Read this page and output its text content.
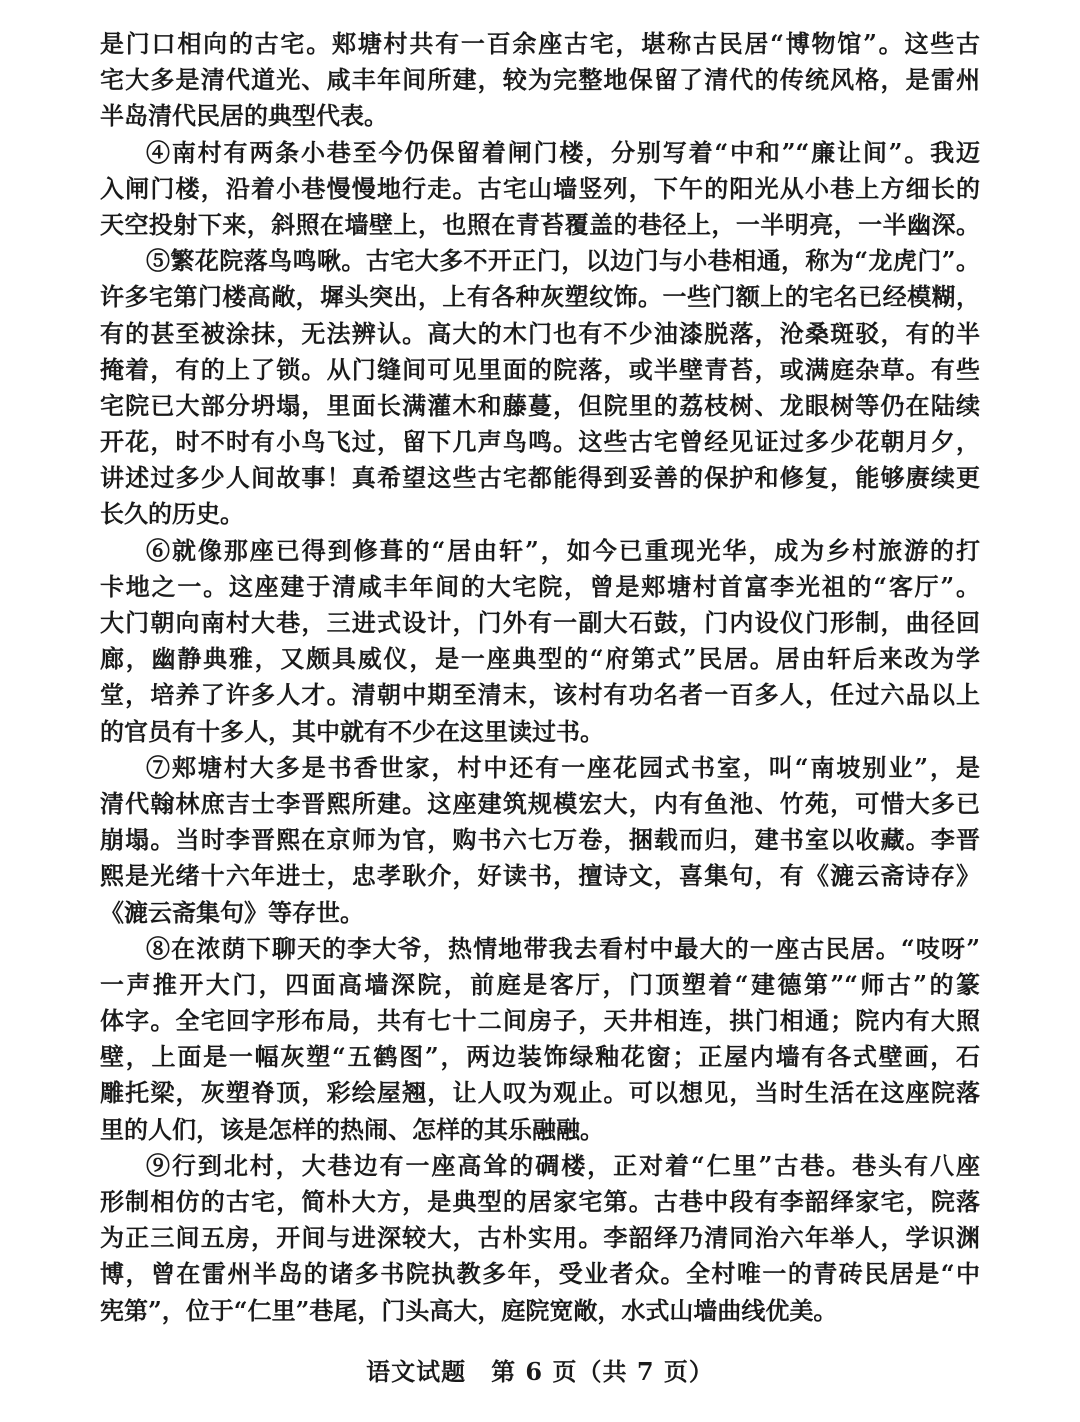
是门口相向的古宅。郏塘村共有一百余座古宅，堪称古民居“博物馆”。这些古
宅大多是清代道光、咸丰年间所建，较为完整地保留了清代的传统风格，是雷州
半岛清代民居的典型代表。
④南村有两条小巷至今仍保留着闸门楼，分别写着“中和”“廉让间”。我迈
入闸门楼，沿着小巷慢慢地行走。古宅山墙竖列，下午的阳光从小巷上方细长的
天空投射下来，斜照在墙壁上，也照在青苔覆盖的巷径上，一半明亮，一半幽深。
⑤繁花院落鸟鸣啾。古宅大多不开正门，以边门与小巷相通，称为“龙虎门”。
许多宅第门楼高敞，墀头突出，上有各种灰塑纹饰。一些门额上的宅名已经模糊，
有的甚至被涂抹，无法辨认。高大的木门也有不少油漆脱落，沧桑斑驳，有的半
掩着，有的上了锁。从门缝间可见里面的院落，或半壁青苔，或满庭杂草。有些
宅院已大部分坍塌，里面长满灌木和藤蔓，但院里的荔枝树、龙眼树等仍在陆续
开花，时不时有小鸟飞过，留下几声鸟鸣。这些古宅曾经见证过多少花朝月夕，
讲述过多少人间故事！真希望这些古宅都能得到妥善的保护和修复，能够赓续更
长久的历史。
⑥就像那座已得到修葺的“居由轩”，如今已重现光华，成为乡村旅游的打
卡地之一。这座建于清咸丰年间的大宅院，曾是郏塘村首富李光祖的“客厅”。
大门朝向南村大巷，三进式设计，门外有一副大石鼓，门内设仪门形制，曲径回
廊，幽静典雅，又颇具威仪，是一座典型的“府第式”民居。居由轩后来改为学
堂，培养了许多人才。清朝中期至清末，该村有功名者一百多人，任过六品以上
的官员有十多人，其中就有不少在这里读过书。
⑦郏塘村大多是书香世家，村中还有一座花园式书室，叫“南坡别业”，是
清代翰林庶吉士李晋熙所建。这座建筑规模宏大，内有鱼池、竹苑，可惜大多已
崩塌。当时李晋熙在京师为官，购书六七万卷，捆载而归，建书室以收藏。李晋
熙是光绪十六年进士，忠孝耿介，好读书，擅诗文，喜集句，有《漉云斋诗存》
《漉云斋集句》等存世。
⑧在浓荫下聊天的李大爷，热情地带我去看村中最大的一座古民居。“吱呀”
一声推开大门，四面高墙深院，前庭是客厅，门顶塑着“建德第”“师古”的篆
体字。全宅回字形布局，共有七十二间房子，天井相连，拱门相通；院内有大照
壁，上面是一幅灰塑“五鹤图”，两边装饰绿釉花窗；正屋内墙有各式壁画，石
雕托梁，灰塑脊顶，彩绘屋翘，让人叹为观止。可以想见，当时生活在这座院落
里的人们，该是怎样的热闹、怎样的其乐融融。
⑨行到北村，大巷边有一座高耸的碉楼，正对着“仁里”古巷。巷头有八座
形制相仿的古宅，简朴大方，是典型的居家宅第。古巷中段有李韶绎家宅，院落
为正三间五房，开间与进深较大，古朴实用。李韶绎乃清同治六年举人，学识渊
博，曾在雷州半岛的诸多书院执教多年，受业者众。全村唯一的青砖民居是“中
宪第”，位于“仁里”巷尾，门头高大，庭院宽敞，水式山墙曲线优美。
语文试题　第 6 页（共 7 页）
